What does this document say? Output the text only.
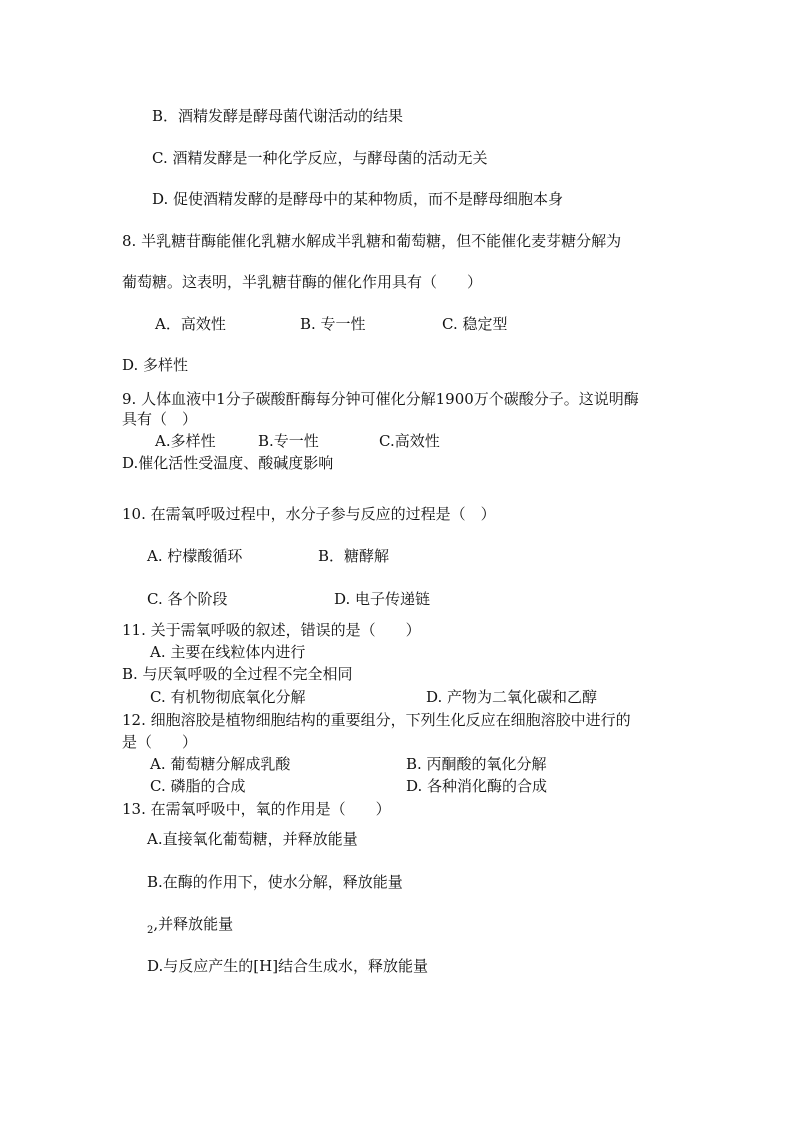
B．酒精发酵是酵母菌代谢活动的结果
C. 酒精发酵是一种化学反应，与酵母菌的活动无关
D. 促使酒精发酵的是酵母中的某种物质，而不是酵母细胞本身
8. 半乳糖苷酶能催化乳糖水解成半乳糖和葡萄糖，但不能催化麦芽糖分解为
葡萄糖。这表明，半乳糖苷酶的催化作用具有（　　）
A．高效性	B. 专一性	C. 稳定型
D. 多样性
9. 人体血液中1分子碳酸酐酶每分钟可催化分解1900万个碳酸分子。这说明酶
具有（　）
A.多样性	B.专一性	C.高效性
D.催化活性受温度、酸碱度影响
10. 在需氧呼吸过程中，水分子参与反应的过程是（　）
A. 柠檬酸循环	B．糖酵解
C. 各个阶段	D. 电子传递链
11. 关于需氧呼吸的叙述，错误的是（　　）
A. 主要在线粒体内进行
B. 与厌氧呼吸的全过程不完全相同
C. 有机物彻底氧化分解	D. 产物为二氧化碳和乙醇
12. 细胞溶胶是植物细胞结构的重要组分，下列生化反应在细胞溶胶中进行的
是（　　）
A. 葡萄糖分解成乳酸	B. 丙酮酸的氧化分解
C. 磷脂的合成	D. 各种消化酶的合成
13. 在需氧呼吸中，氧的作用是（　　）
A.直接氧化葡萄糖，并释放能量
B.在酶的作用下，使水分解，释放能量
$_2$,并释放能量
D.与反应产生的[H]结合生成水，释放能量
